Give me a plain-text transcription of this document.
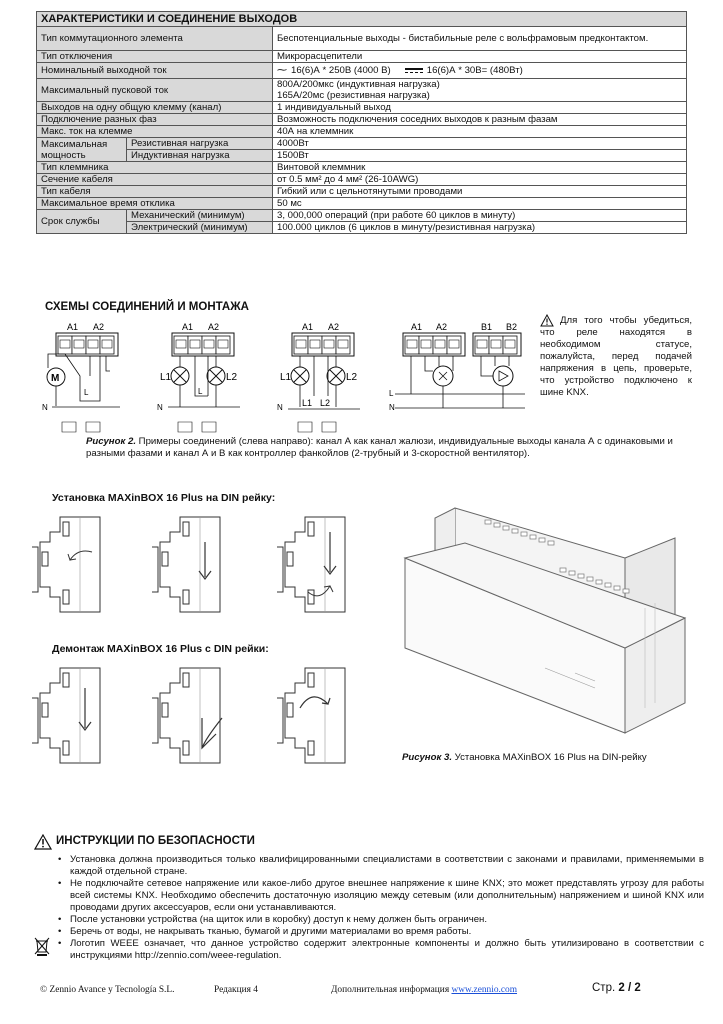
ХАРАКТЕРИСТИКИ И СОЕДИНЕНИЕ ВЫХОДОВ		
Тип коммутационного элемента		Беспотенциальные выходы - бистабильные реле с вольфрамовым предконтактом.
Тип отключения		Микрорасцепители
Номинальный выходной ток		⁓ 16(6)А * 250В (4000 В) 16(6)А * 30В= (480Вт)
Максимальный пусковой ток		800А/200мкс (индуктивная нагрузка)
165А/20мс (резистивная нагрузка)

Выходов на одну общую клемму (канал)		1 индивидуальный выход
Подключение разных фаз		Возможность подключения соседних выходов к разным фазам
Макс. ток на клемме		40А на клеммник

Максимальная
мощность	Резистивная нагрузка	4000Вт
	Индуктивная нагрузка	1500Вт
Тип клеммника		Винтовой клеммник
Сечение кабеля		от 0.5 мм² до 4 мм² (26-10AWG)
Тип кабеля		Гибкий или с цельнотянутыми проводами
Максимальное время отклика		50 мс
Срок службы	Механический (минимум)	3, 000,000 операций (при работе 60 циклов в минуту)
	Электрический (минимум)	100.000 циклов (6 циклов в минуту/резистивная нагрузка)
СХЕМЫ СОЕДИНЕНИЙ И МОНТАЖА
A1 A2
M
L
N
A1 A2
L1	L2
L
N
A1 A2
L1	L2
L1 L2
N
A1 A2	B1 B2
L
N
Для того чтобы убедиться, что реле находятся в необходимом статусе, пожалуйста, перед подачей напряжения в цепь, проверьте, что устройство подключено к шине KNX.
Рисунок 2. Примеры соединений (слева направо): канал А как канал жалюзи, индивидуальные выходы канала А с одинаковыми и разными фазами и канал А и В как контроллер фанкойлов (2-трубный и 3-скоростной вентилятор).
Установка MAXinBOX 16 Plus на DIN рейку:
Демонтаж MAXinBOX 16 Plus с DIN рейки:
Рисунок 3. Установка MAXinBOX 16 Plus на DIN-рейку
ИНСТРУКЦИИ ПО БЕЗОПАСНОСТИ
• Установка должна производиться только квалифицированными специалистами в соответствии с законами и правилами, применяемыми в каждой отдельной стране.
• Не подключайте сетевое напряжение или какое-либо другое внешнее напряжение к шине KNX; это может представлять угрозу для работы всей системы KNX. Необходимо обеспечить достаточную изоляцию между сетевым (или дополнительным) напряжением и шиной KNX или проводами других аксессуаров, если они устанавливаются.
• После установки устройства (на щиток или в коробку) доступ к нему должен быть ограничен.
• Беречь от воды, не накрывать тканью, бумагой и другими материалами во время работы.
• Логотип WEEE означает, что данное устройство содержит электронные компоненты и должно быть утилизировано в соответствии с инструкциями http://zennio.com/weee-regulation.
© Zennio Avance y Tecnología S.L.	Редакция 4	Дополнительная информация www.zennio.com	Стр. 2 / 2
